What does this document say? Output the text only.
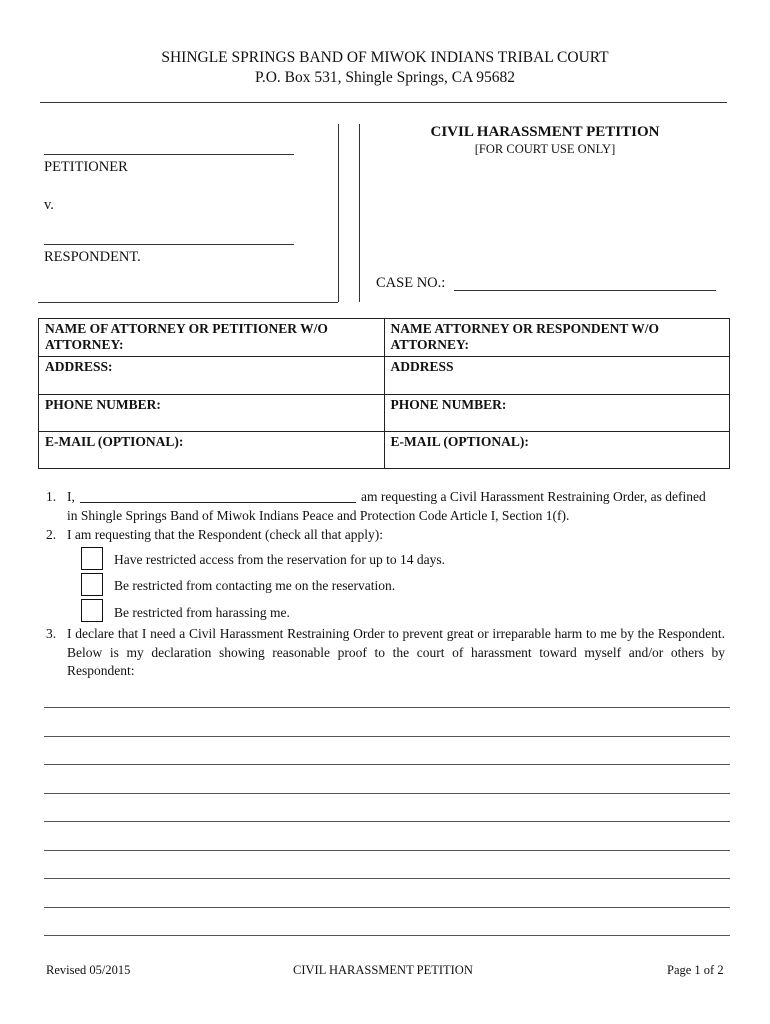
SHINGLE SPRINGS BAND OF MIWOK INDIANS TRIBAL COURT
P.O. Box 531, Shingle Springs, CA 95682
PETITIONER
v.
RESPONDENT.
CIVIL HARASSMENT PETITION
[FOR COURT USE ONLY]
CASE NO.:
NAME OF ATTORNEY OR PETITIONER W/O ATTORNEY:	NAME ATTORNEY OR RESPONDENT W/O ATTORNEY:
ADDRESS:	ADDRESS
PHONE NUMBER:	PHONE NUMBER:
E-MAIL (OPTIONAL):	E-MAIL (OPTIONAL):
1. I,	am requesting a Civil Harassment Restraining Order, as defined
in Shingle Springs Band of Miwok Indians Peace and Protection Code Article I, Section 1(f).
2. I am requesting that the Respondent (check all that apply):
Have restricted access from the reservation for up to 14 days.
Be restricted from contacting me on the reservation.
Be restricted from harassing me.
3. I declare that I need a Civil Harassment Restraining Order to prevent great or irreparable harm to me by the Respondent. Below is my declaration showing reasonable proof to the court of harassment toward myself and/or others by Respondent:
Revised 05/2015	CIVIL HARASSMENT PETITION	Page 1 of 2
